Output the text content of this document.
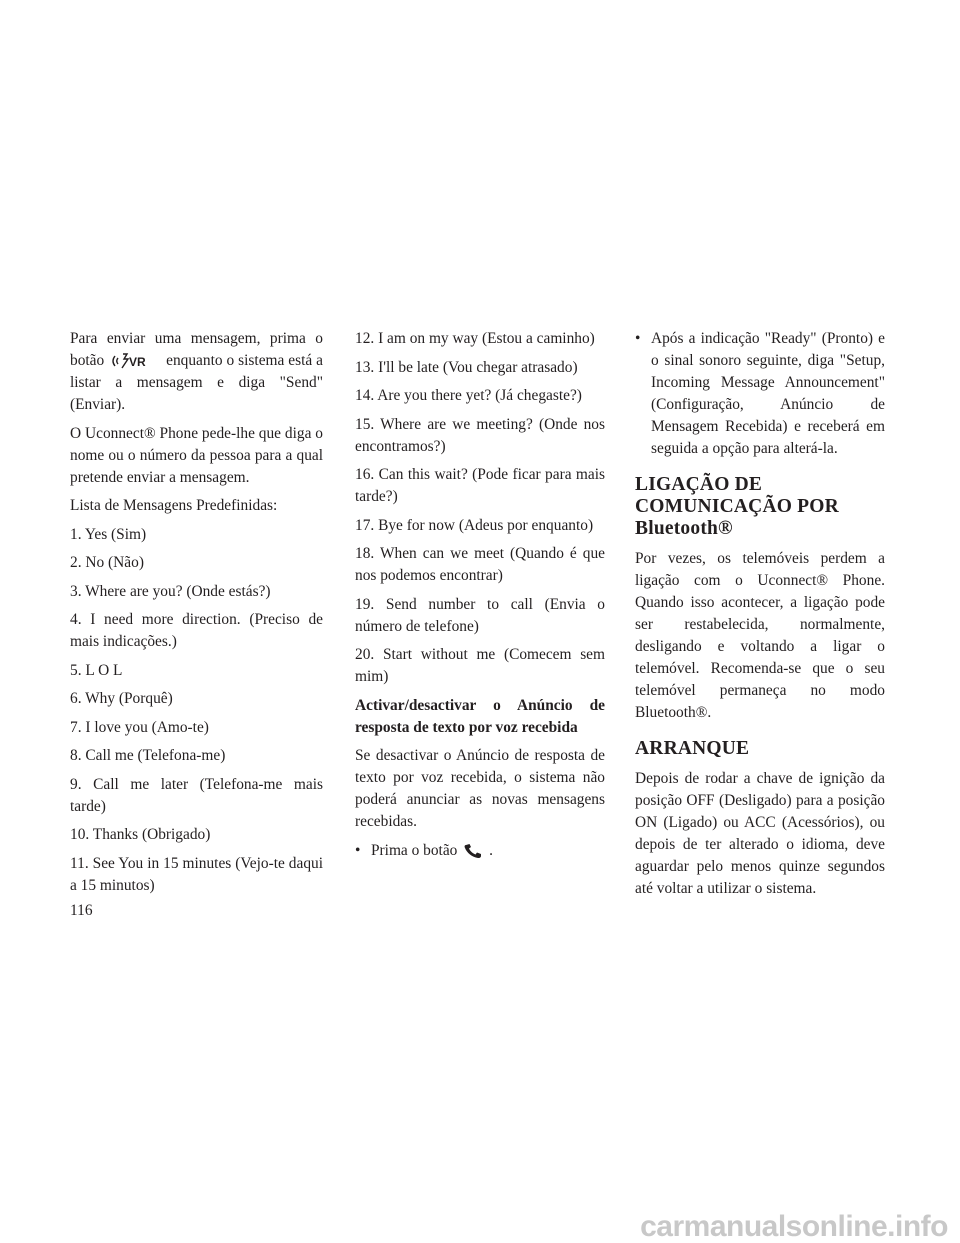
Para enviar uma mensagem, prima o botão VR enquanto o sistema está a listar a mensagem e diga "Send" (Enviar).

O Uconnect® Phone pede-lhe que diga o nome ou o número da pessoa para a qual pretende enviar a mensagem.

Lista de Mensagens Predefinidas:

1. Yes (Sim)

2. No (Não)

3. Where are you? (Onde estás?)

4. I need more direction. (Preciso de mais indicações.)

5. L O L

6. Why (Porquê)

7. I love you (Amo-te)

8. Call me (Telefona-me)

9. Call me later (Telefona-me mais tarde)

10. Thanks (Obrigado)

11. See You in 15 minutes (Vejo-te daqui a 15 minutos)

12. I am on my way (Estou a caminho)

13. I'll be late (Vou chegar atrasado)

14. Are you there yet? (Já chegaste?)

15. Where are we meeting? (Onde nos encontramos?)

16. Can this wait? (Pode ficar para mais tarde?)

17. Bye for now (Adeus por enquanto)

18. When can we meet (Quando é que nos podemos encontrar)

19. Send number to call (Envia o número de telefone)

20. Start without me (Comecem sem mim)

Activar/desactivar o Anúncio de resposta de texto por voz recebida

Se desactivar o Anúncio de resposta de texto por voz recebida, o sistema não poderá anunciar as novas mensagens recebidas.

• Prima o botão .
• Após a indicação "Ready" (Pronto) e o sinal sonoro seguinte, diga "Setup, Incoming Message Announcement" (Configuração, Anúncio de Mensagem Recebida) e receberá em seguida a opção para alterá-la.
LIGAÇÃO DE COMUNICAÇÃO POR Bluetooth®

Por vezes, os telemóveis perdem a ligação com o Uconnect® Phone. Quando isso acontecer, a ligação pode ser restabelecida, normalmente, desligando e voltando a ligar o telemóvel. Recomenda-se que o seu telemóvel permaneça no modo Bluetooth®.

ARRANQUE

Depois de rodar a chave de ignição da posição OFF (Desligado) para a posição ON (Ligado) ou ACC (Acessórios), ou depois de ter alterado o idioma, deve aguardar pelo menos quinze segundos até voltar a utilizar o sistema.

116
carmanualsonline.info
